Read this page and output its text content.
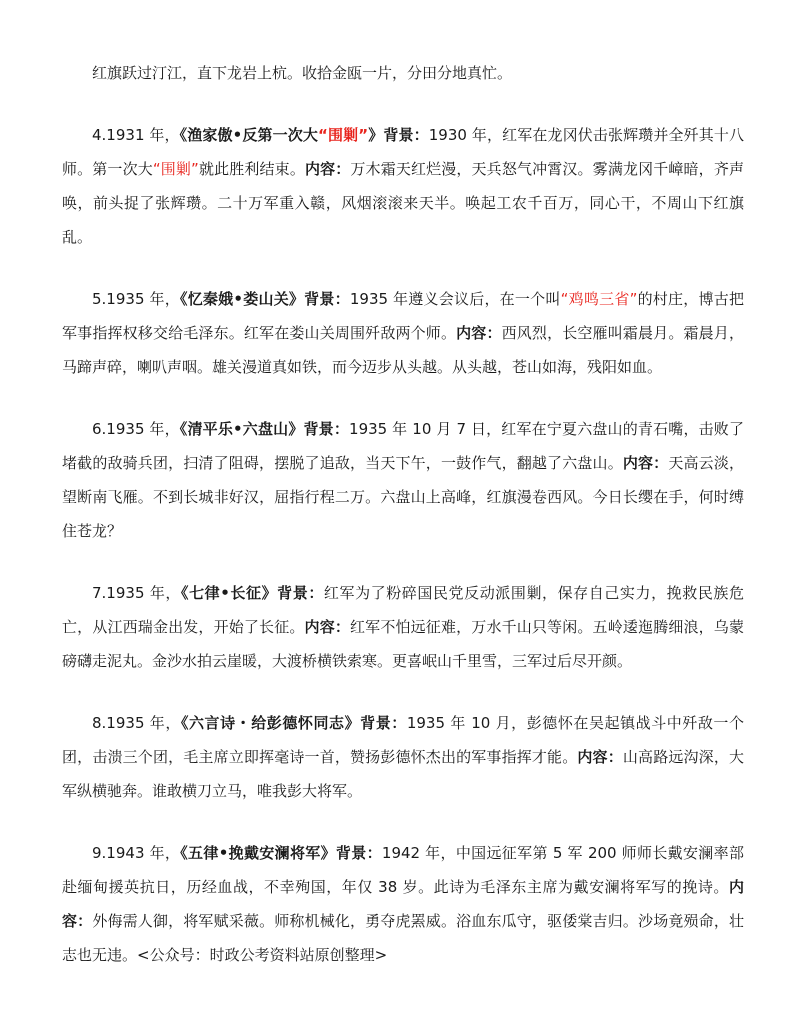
红旗跃过汀江，直下龙岩上杭。收拾金瓯一片，分田分地真忙。

4.1931 年，《渔家傲•反第一次大“围剿”》背景：1930 年，红军在龙冈伏击张辉瓒并全歼其十八师。第一次大“围剿”就此胜利结束。内容：万木霜天红烂漫，天兵怒气冲霄汉。雾满龙冈千嶂暗，齐声唤，前头捉了张辉瓒。二十万军重入赣，风烟滚滚来天半。唤起工农千百万，同心干，不周山下红旗乱。

5.1935 年，《忆秦娥•娄山关》背景：1935 年遵义会议后，在一个叫“鸡鸣三省”的村庄，博古把军事指挥权移交给毛泽东。红军在娄山关周围歼敌两个师。内容：西风烈，长空雁叫霜晨月。霜晨月，马蹄声碎，喇叭声咽。雄关漫道真如铁，而今迈步从头越。从头越，苍山如海，残阳如血。

6.1935 年，《清平乐•六盘山》背景：1935 年 10 月 7 日，红军在宁夏六盘山的青石嘴，击败了堵截的敌骑兵团，扫清了阻碍，摆脱了追敌，当天下午，一鼓作气，翻越了六盘山。内容：天高云淡，望断南飞雁。不到长城非好汉，屈指行程二万。六盘山上高峰，红旗漫卷西风。今日长缨在手，何时缚住苍龙？

7.1935 年，《七律•长征》背景：红军为了粉碎国民党反动派围剿，保存自己实力，挽救民族危亡，从江西瑞金出发，开始了长征。内容：红军不怕远征难，万水千山只等闲。五岭逶迤腾细浪，乌蒙磅礴走泥丸。金沙水拍云崖暖，大渡桥横铁索寒。更喜岷山千里雪，三军过后尽开颜。

8.1935 年，《六言诗・给彭德怀同志》背景：1935 年 10 月，彭德怀在吴起镇战斗中歼敌一个团，击溃三个团，毛主席立即挥毫诗一首，赞扬彭德怀杰出的军事指挥才能。内容：山高路远沟深，大军纵横驰奔。谁敢横刀立马，唯我彭大将军。

9.1943 年，《五律•挽戴安澜将军》背景：1942 年，中国远征军第 5 军 200 师师长戴安澜率部赴缅甸援英抗日，历经血战，不幸殉国，年仅 38 岁。此诗为毛泽东主席为戴安澜将军写的挽诗。内容：外侮需人御，将军赋采薇。师称机械化，勇夺虎罴威。浴血东瓜守，驱倭棠吉归。沙场竟殒命，壮志也无违。<公众号：时政公考资料站原创整理>
